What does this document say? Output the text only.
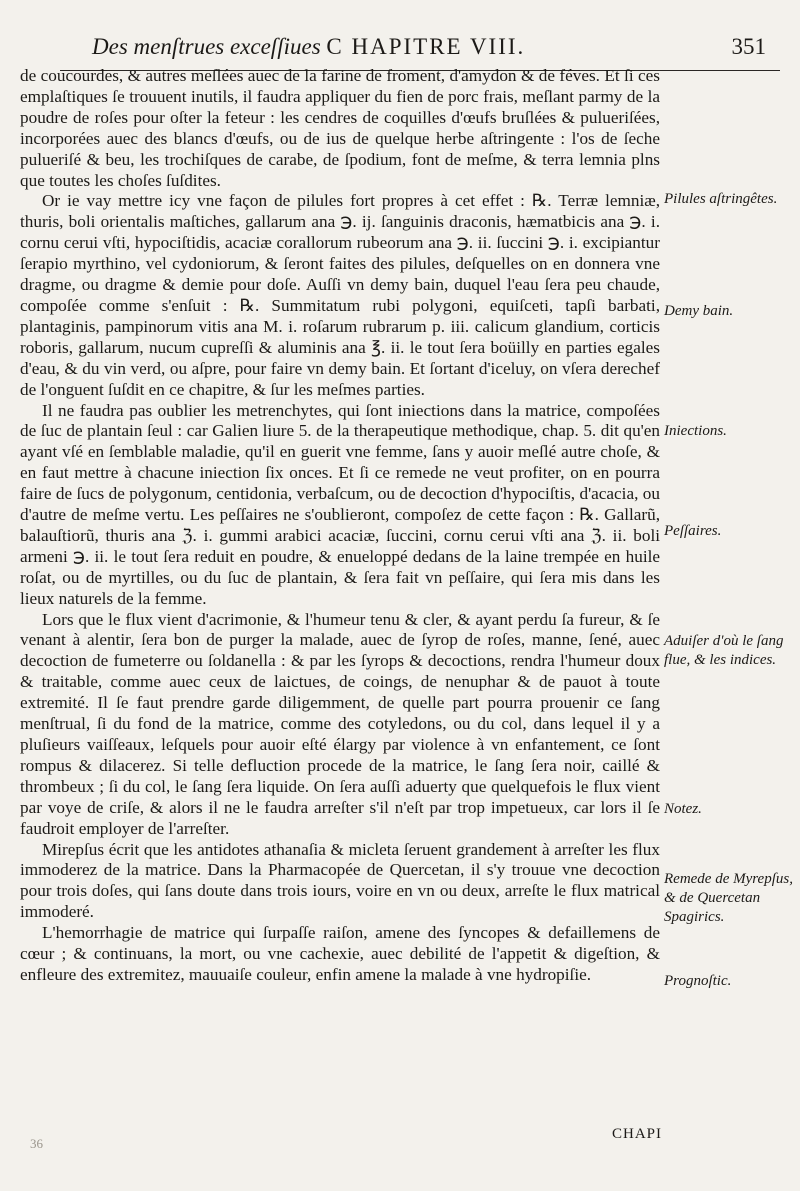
Des menſtrues exceſſiues C HAPITRE VIII.	351

de coucourdes, & autres meſlées auec de la farine de froment, d'amydon & de féves. Et ſi ces emplaſtiques ſe trouuent inutils, il faudra appliquer du fien de porc frais, meſlant parmy de la poudre de roſes pour oſter la feteur : les cendres de coquilles d'œufs bruſlées & pulueriſées, incorporées auec des blancs d'œufs, ou de ius de quelque herbe aſtringente : l'os de ſeche pulueriſé & beu, les trochiſques de carabe, de ſpodium, font de meſme, & terra lemnia plns que toutes les choſes ſuſdites.

Or ie vay mettre icy vne façon de pilules fort propres à cet effet : ℞. Terræ lemniæ, thuris, boli orientalis maſtiches, gallarum ana ℈. ij. ſanguinis draconis, hæmatbicis ana ℈. i. cornu cerui vſti, hypociſtidis, acaciæ corallorum rubeorum ana ℈. ii. ſuccini ℈. i. excipiantur ſerapio myrthino, vel cydoniorum, & ſeront faites des pilules, deſquelles on en donnera vne dragme, ou dragme & demie pour doſe. Auſſi vn demy bain, duquel l'eau ſera peu chaude, compoſée comme s'enſuit : ℞. Summitatum rubi polygoni, equiſceti, tapſi barbati, plantaginis, pampinorum vitis ana M. i. roſarum rubrarum p. iii. calicum glandium, corticis roboris, gallarum, nucum cupreſſi & aluminis ana ℥. ii. le tout ſera boüilly en parties egales d'eau, & du vin verd, ou aſpre, pour faire vn demy bain. Et ſortant d'iceluy, on vſera derechef de l'onguent ſuſdit en ce chapitre, & ſur les meſmes parties.

Il ne faudra pas oublier les metrenchytes, qui ſont iniections dans la matrice, compoſées de ſuc de plantain ſeul : car Galien liure 5. de la therapeutique methodique, chap. 5. dit qu'en ayant vſé en ſemblable maladie, qu'il en guerit vne femme, ſans y auoir meſlé autre choſe, & en faut mettre à chacune iniection ſix onces. Et ſi ce remede ne veut profiter, on en pourra faire de ſucs de polygonum, centidonia, verbaſcum, ou de decoction d'hypociſtis, d'acacia, ou d'autre de meſme vertu. Les peſſaires ne s'oublieront, compoſez de cette façon : ℞. Gallarũ, balauſtiorũ, thuris ana ℨ. i. gummi arabici acaciæ, ſuccini, cornu cerui vſti ana ℨ. ii. boli armeni ℈. ii. le tout ſera reduit en poudre, & enueloppé dedans de la laine trempée en huile roſat, ou de myrtilles, ou du ſuc de plantain, & ſera fait vn peſſaire, qui ſera mis dans les lieux naturels de la femme.

Lors que le flux vient d'acrimonie, & l'humeur tenu & cler, & ayant perdu ſa fureur, & ſe venant à alentir, ſera bon de purger la malade, auec de ſyrop de roſes, manne, ſené, auec decoction de fumeterre ou ſoldanella : & par les ſyrops & decoctions, rendra l'humeur doux & traitable, comme auec ceux de laictues, de coings, de nenuphar & de pauot à toute extremité. Il ſe faut prendre garde diligemment, de quelle part pourra prouenir ce ſang menſtrual, ſi du fond de la matrice, comme des cotyledons, ou du col, dans lequel il y a pluſieurs vaiſſeaux, leſquels pour auoir eſté élargy par violence à vn enfantement, ce ſont rompus & dilacerez. Si telle defluction procede de la matrice, le ſang ſera noir, caillé & thrombeux ; ſi du col, le ſang ſera liquide. On ſera auſſi aduerty que quelquefois le flux vient par voye de criſe, & alors il ne le faudra arreſter s'il n'eſt par trop impetueux, car lors il ſe faudroit employer de l'arreſter.

Mirepſus écrit que les antidotes athanaſia & micleta ſeruent grandement à arreſter les flux immoderez de la matrice. Dans la Pharmacopée de Quercetan, il s'y trouue vne decoction pour trois doſes, qui ſans doute dans trois iours, voire en vn ou deux, arreſte le flux matrical immoderé.

L'hemorrhagie de matrice qui ſurpaſſe raiſon, amene des ſyncopes & defaillemens de cœur ; & continuans, la mort, ou vne cachexie, auec debilité de l'appetit & digeſtion, & enfleure des extremitez, mauuaiſe couleur, enfin amene la malade à vne hydropiſie.

Pilules aſtringêtes.
Demy bain.
Iniections.
Peſſaires.
Aduiſer d'où le ſang flue, & les indices.
Notez.
Remede de Myrepſus, & de Quercetan Spagirics.
Prognoſtic.
36
CHAPI
